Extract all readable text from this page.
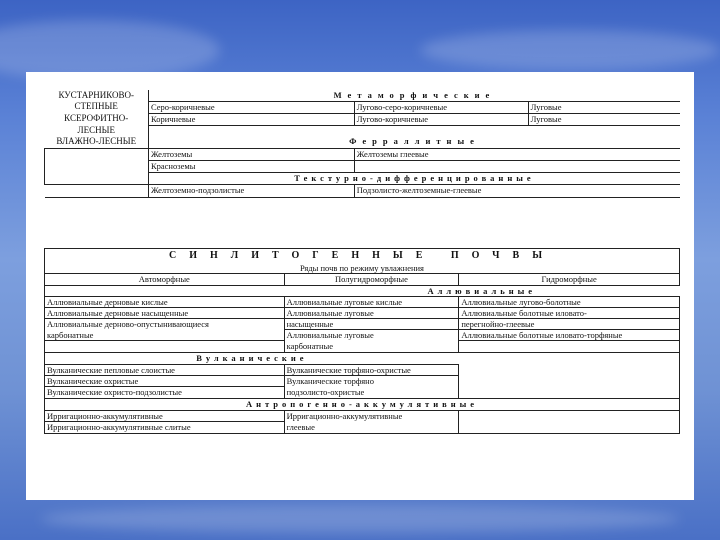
КУСТАРНИКОВО-	Метаморфические		
СТЕПНЫЕ	Серо-коричневые	Лугово-серо-коричневые	Луговые
КСЕРОФИТНО-	Коричневые	Лугово-коричневые	Луговые
ЛЕСНЫЕ			
ВЛАЖНО-ЛЕСНЫЕ	Ферраллитные		
	Желтоземы	Желтоземы глеевые	
	Красноземы		
	Текстурно-дифференцированные		
	Желтоземно-подзолистые	Подзолисто-желтоземные-глеевые	
СИНЛИТОГЕННЫЕ ПОЧВЫ		
Ряды почв по режиму увлажнения		
Автоморфные	Полугидроморфные	Гидроморфные
	Аллювиальные	
Аллювиальные дерновые кислые	Аллювиальные луговые кислые	Аллювиальные лугово-болотные
Аллювиальные дерновые насыщенные	Аллювиальные луговые	Аллювиальные болотные иловато-
Аллювиальные дерново-опустынивающиеся	насыщенные	перегнойно-глеевые
карбонатные	Аллювиальные луговые	Аллювиальные болотные иловато-торфяные
	карбонатные	
Вулканические		
Вулканические пепловые слоистые	Вулканические торфяно-охристые	
Вулканические охристые	Вулканические торфяно	
Вулканические охристо-подзолистые	подзолисто-охристые	
Антропогенно-аккумулятивные		
Ирригационно-аккумулятивные	Ирригационно-аккумулятивные	
Ирригационно-аккумулятивные слитые	глеевые	
